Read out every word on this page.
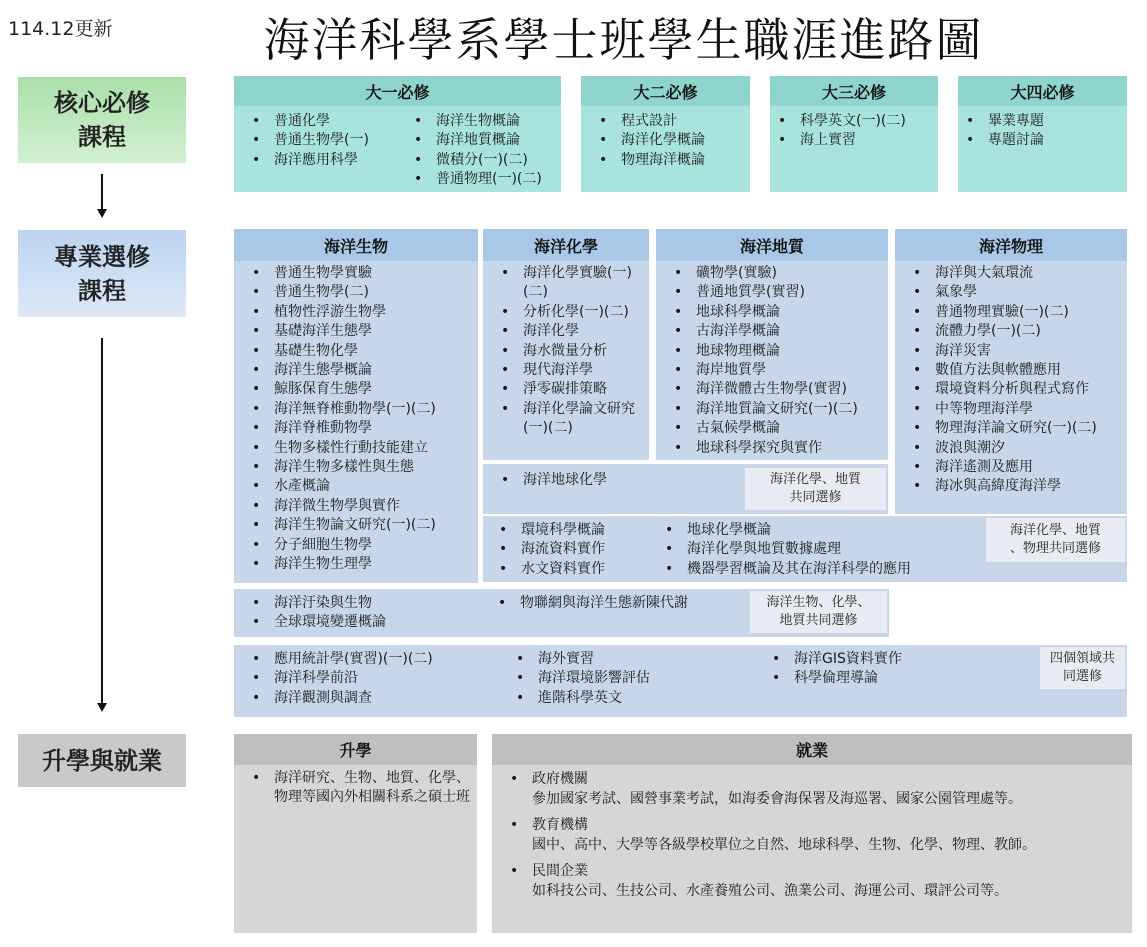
114.12更新	海洋科學系學士班學生職涯進路圖
核心必修
課程
專業選修
課程
升學與就業
大一必修
• 普通化學
• 普通生物學(一)
• 海洋應用科學
• 海洋生物概論
• 海洋地質概論
• 微積分(一)(二)
• 普通物理(一)(二)
大二必修
• 程式設計
• 海洋化學概論
• 物理海洋概論
大三必修
• 科學英文(一)(二)
• 海上實習
大四必修
• 畢業專題
• 專題討論
海洋生物
• 普通生物學實驗
• 普通生物學(二)
• 植物性浮游生物學
• 基礎海洋生態學
• 基礎生物化學
• 海洋生態學概論
• 鯨豚保育生態學
• 海洋無脊椎動物學(一)(二)
• 海洋脊椎動物學
• 生物多樣性行動技能建立
• 海洋生物多樣性與生態
• 水產概論
• 海洋微生物學與實作
• 海洋生物論文研究(一)(二)
• 分子細胞生物學
• 海洋生物生理學
海洋化學
• 海洋化學實驗(一)(二)
• 分析化學(一)(二)
• 海洋化學
• 海水微量分析
• 現代海洋學
• 淨零碳排策略
• 海洋化學論文研究(一)(二)
海洋地質
• 礦物學(實驗)
• 普通地質學(實習)
• 地球科學概論
• 古海洋學概論
• 地球物理概論
• 海岸地質學
• 海洋微體古生物學(實習)
• 海洋地質論文研究(一)(二)
• 古氣候學概論
• 地球科學探究與實作
海洋物理
• 海洋與大氣環流
• 氣象學
• 普通物理實驗(一)(二)
• 流體力學(一)(二)
• 海洋災害
• 數值方法與軟體應用
• 環境資料分析與程式寫作
• 中等物理海洋學
• 物理海洋論文研究(一)(二)
• 波浪與潮汐
• 海洋遙測及應用
• 海冰與高緯度海洋學
• 海洋地球化學	海洋化學、地質
共同選修
• 環境科學概論
• 海流資料實作
• 水文資料實作
• 地球化學概論
• 海洋化學與地質數據處理
• 機器學習概論及其在海洋科學的應用
海洋化學、地質
、物理共同選修
• 海洋汙染與生物
• 全球環境變遷概論
• 物聯網與海洋生態新陳代謝	海洋生物、化學、
地質共同選修
• 應用統計學(實習)(一)(二)
• 海洋科學前沿
• 海洋觀測與調查
• 海外實習
• 海洋環境影響評估
• 進階科學英文
• 海洋GIS資料實作
• 科學倫理導論
四個領域共
同選修
升學
• 海洋研究、生物、地質、化學、物理等國內外相關科系之碩士班
就業
• 政府機關
參加國家考試、國營事業考試，如海委會海保署及海巡署、國家公園管理處等。
• 教育機構
國中、高中、大學等各級學校單位之自然、地球科學、生物、化學、物理、教師。
• 民間企業
如科技公司、生技公司、水產養殖公司、漁業公司、海運公司、環評公司等。
